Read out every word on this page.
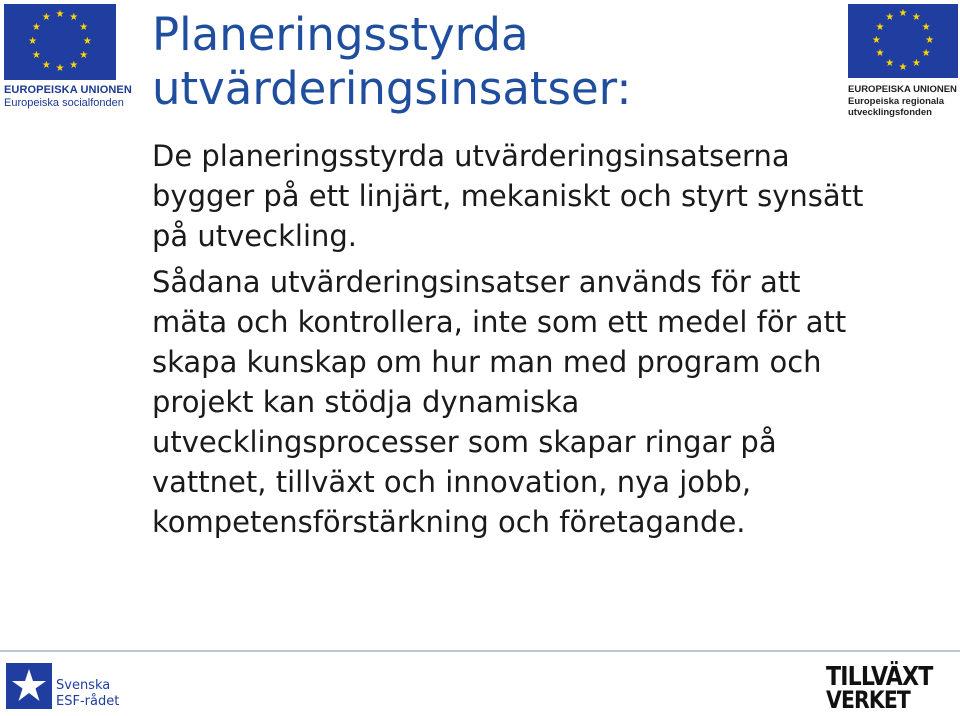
★ ★
★
★
★
★
★
★
★
★
★
★
EUROPEISKA UNIONEN
Europeiska socialfonden
★ ★
★
★
★
★
★
★
★
★
★
★
EUROPEISKA UNIONEN
Europeiska regionala
utvecklingsfonden
Planeringsstyrda utvärderingsinsatser:

De planeringsstyrda utvärderingsinsatserna bygger på ett linjärt, mekaniskt och styrt synsätt på utveckling.

Sådana utvärderingsinsatser används för att mäta och kontrollera, inte som ett medel för att skapa kunskap om hur man med program och projekt kan stödja dynamiska utvecklingsprocesser som skapar ringar på vattnet, tillväxt och innovation, nya jobb, kompetensförstärkning och företagande.

Svenska
ESF-rådet
TILLVÄXT
VERKET
